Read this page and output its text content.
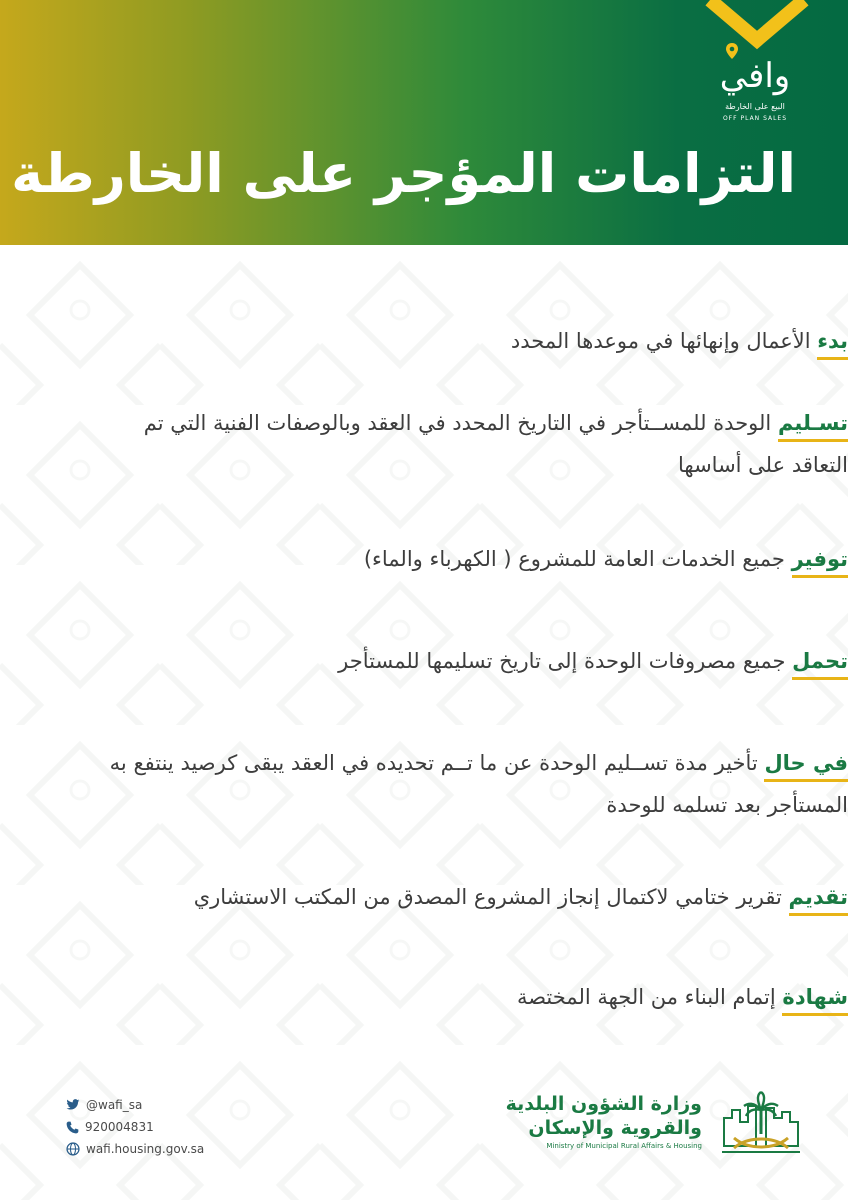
وافي
البيع على الخارطة
OFF PLAN SALES
التزامات المؤجر على الخارطة
بدء الأعمال وإنهائها في موعدها المحدد
تسـليم الوحدة للمســتأجر في التاريخ المحدد في العقد وبالوصفات الفنية التي تم التعاقد على أساسها
توفير جميع الخدمات العامة للمشروع ( الكهرباء والماء)
تحمل جميع مصروفات الوحدة إلى تاريخ تسليمها للمستأجر
في حال تأخير مدة تســليم الوحدة عن ما تــم تحديده في العقد يبقى كرصيد ينتفع به المستأجر بعد تسلمه للوحدة
تقديم تقرير ختامي لاكتمال إنجاز المشروع المصدق من المكتب الاستشاري
شهادة إتمام البناء من الجهة المختصة
@wafi_sa
920004831
wafi.housing.gov.sa
وزارة الشؤون البلدية
والقروية والإسكان
Ministry of Municipal Rural Affairs & Housing
